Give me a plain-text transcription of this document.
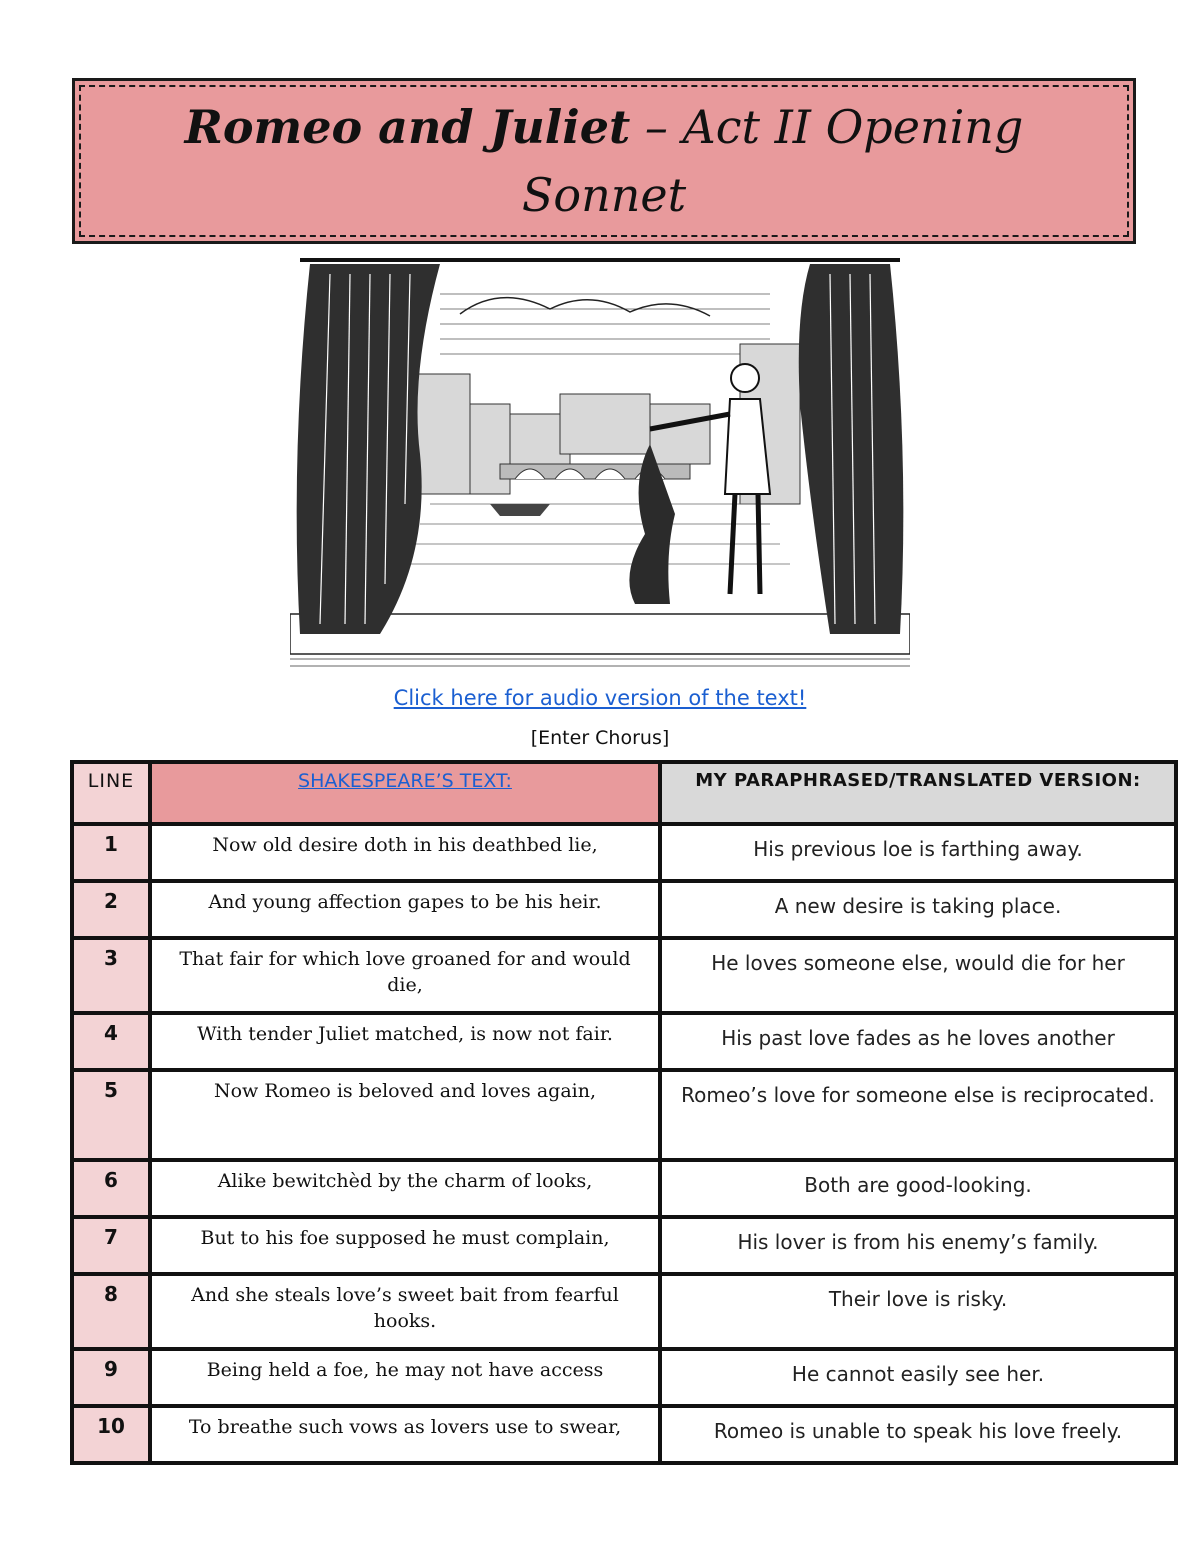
Romeo and Juliet – Act II Opening
Sonnet
Click here for audio version of the text!
[Enter Chorus]
LINE	SHAKESPEARE’S TEXT:	MY PARAPHRASED/TRANSLATED VERSION:
1	Now old desire doth in his deathbed lie,	His previous loe is farthing away.
2	And young affection gapes to be his heir.	A new desire is taking place.
3	That fair for which love groaned for and would die,	He loves someone else, would die for her
4	With tender Juliet matched, is now not fair.	His past love fades as he loves another
5	Now Romeo is beloved and loves again,	Romeo’s love for someone else is reciprocated.
6	Alike bewitchèd by the charm of looks,	Both are good-looking.
7	But to his foe supposed he must complain,	His lover is from his enemy’s family.
8	And she steals love’s sweet bait from fearful hooks.	Their love is risky.
9	Being held a foe, he may not have access	He cannot easily see her.
10	To breathe such vows as lovers use to swear,	Romeo is unable to speak his love freely.
